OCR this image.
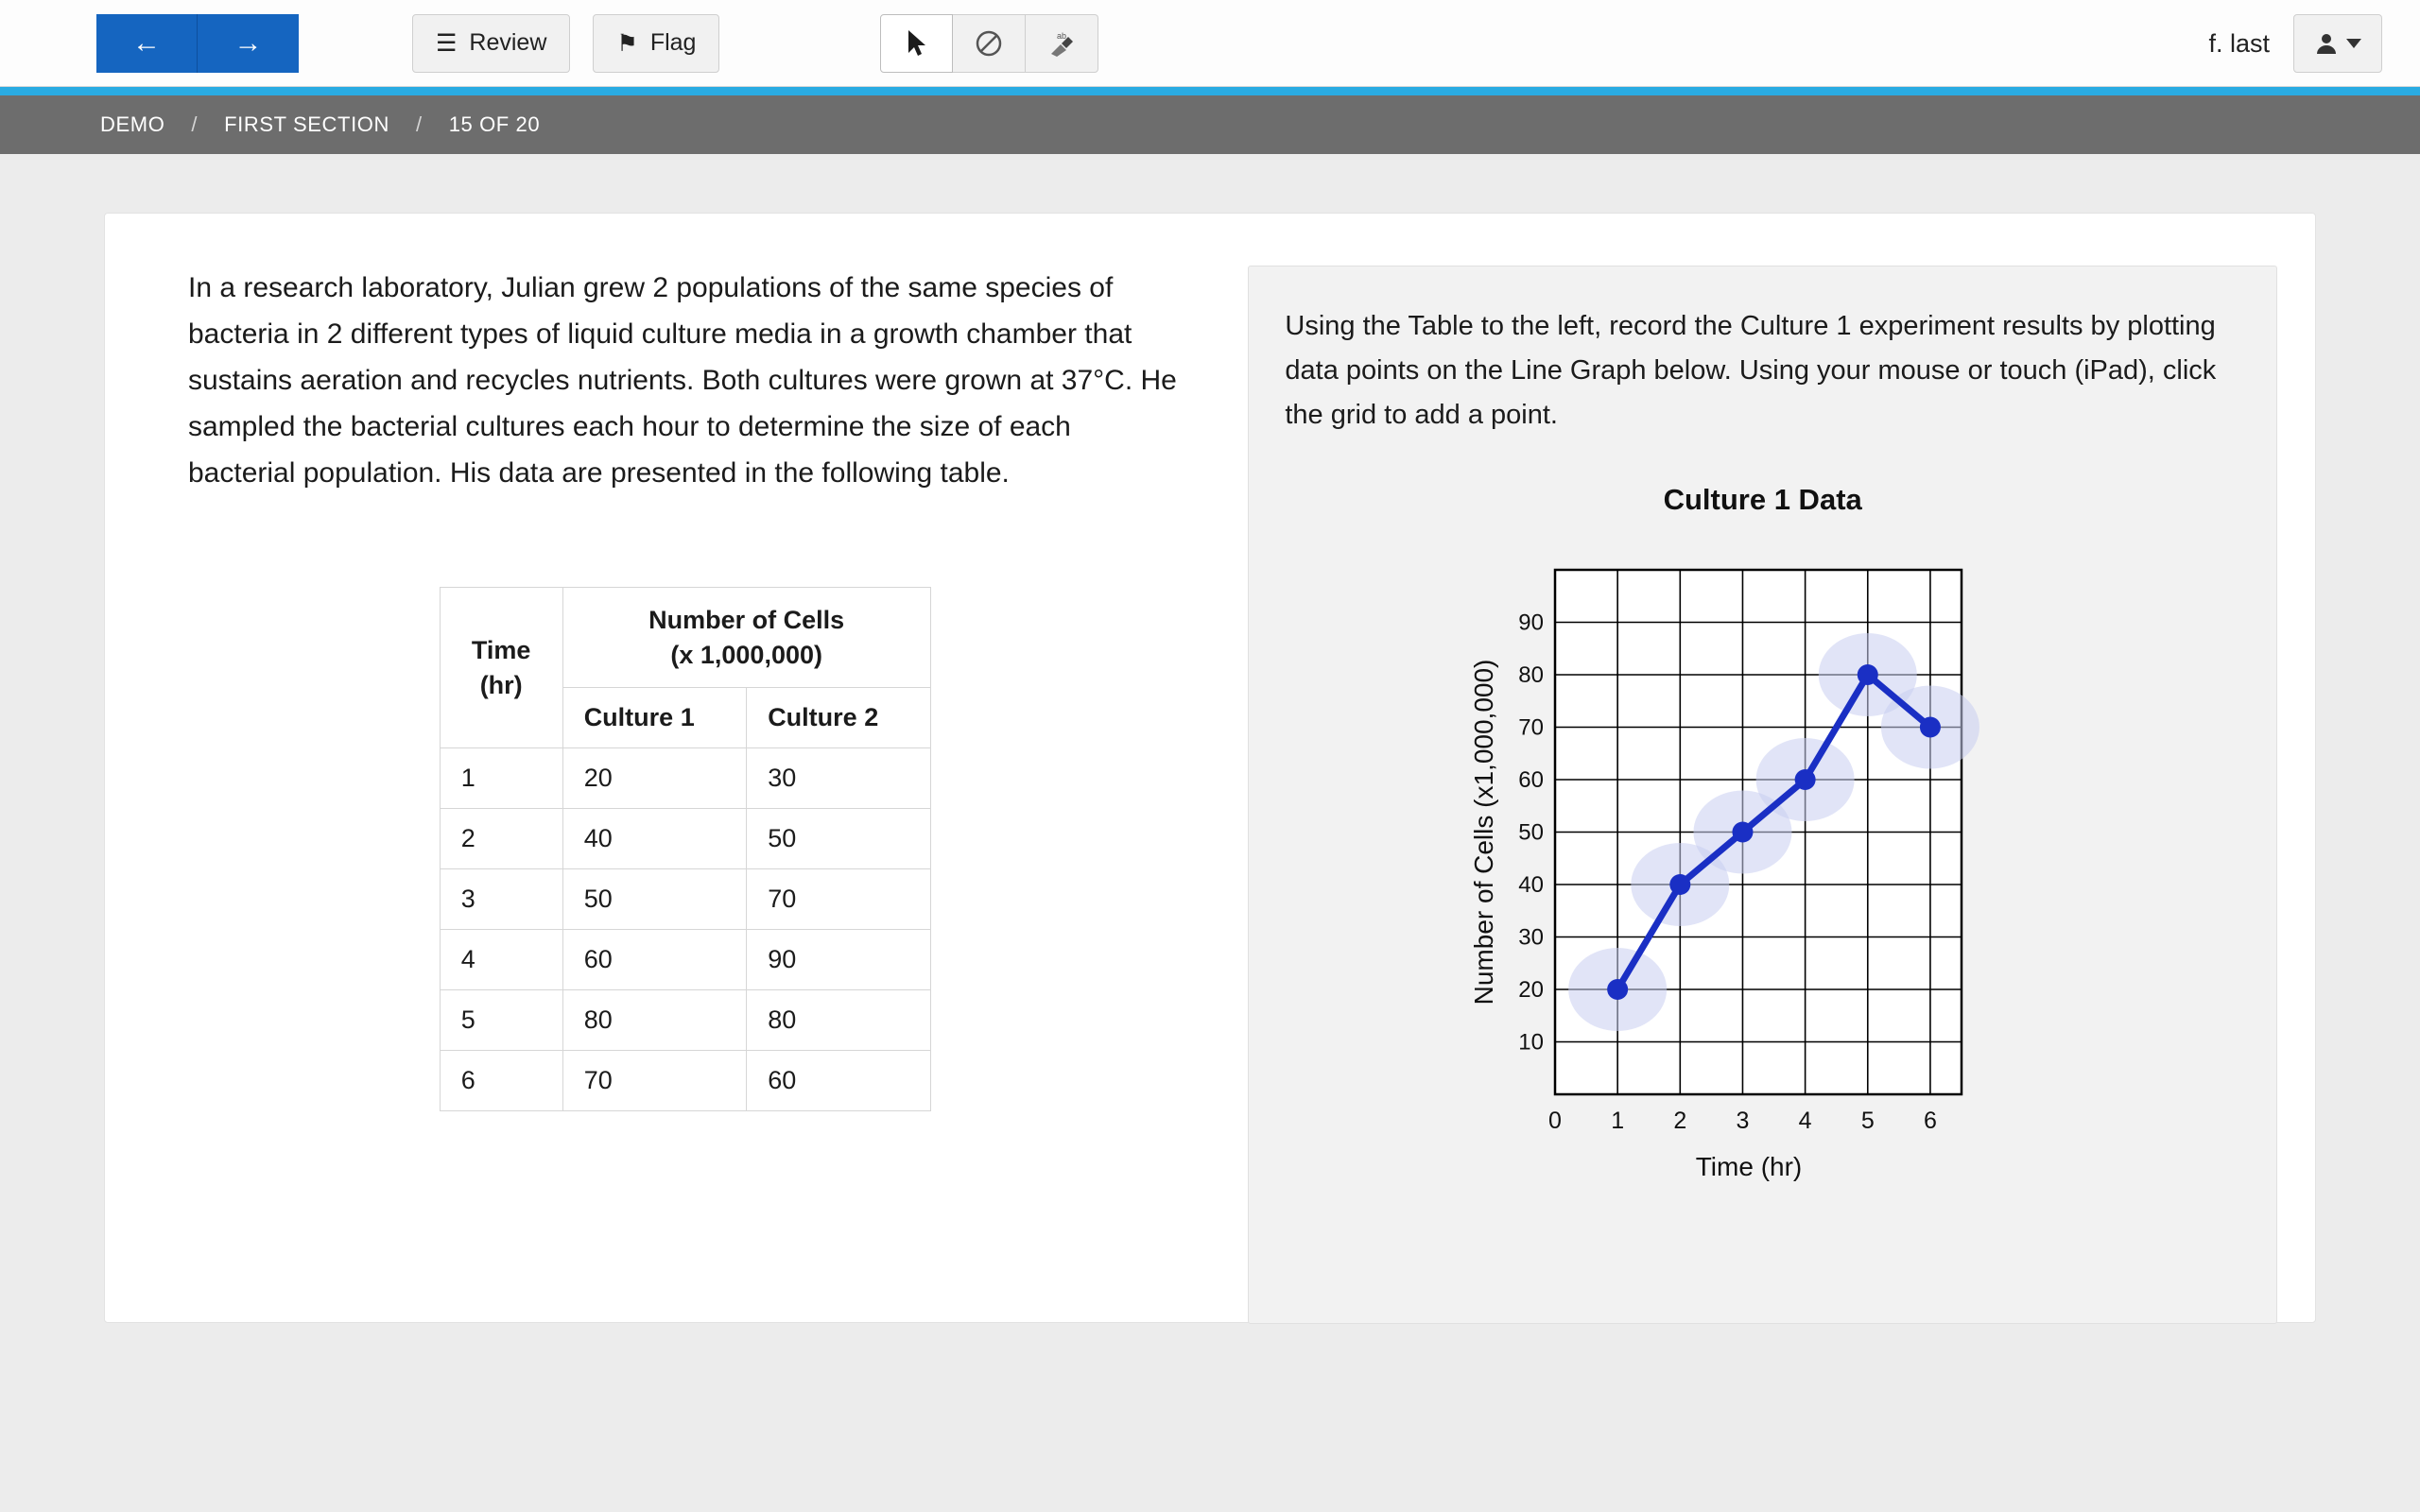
←	→	☰ Review	⚑ Flag	ab	f. last
DEMO / FIRST SECTION / 15 OF 20

In a research laboratory, Julian grew 2 populations of the same species of bacteria in 2 different types of liquid culture media in a growth chamber that sustains aeration and recycles nutrients. Both cultures were grown at 37°C. He sampled the bacterial cultures each hour to determine the size of each bacterial population. His data are presented in the following table.

Time
(hr)

Number of Cells
(x 1,000,000)

	Culture 1	Culture 2
1	20	30
2	40	50
3	50	70
4	60	90
5	80	80
6	70	60

Using the Table to the left, record the Culture 1 experiment results by plotting data points on the Line Graph below. Using your mouse or touch (iPad), click the grid to add a point.

Culture 1 Data
10
20
30
40
50
60
70
80
90
0 1 2 3 4 5 6
Time (hr)
Number of Cells (x1,000,000)
